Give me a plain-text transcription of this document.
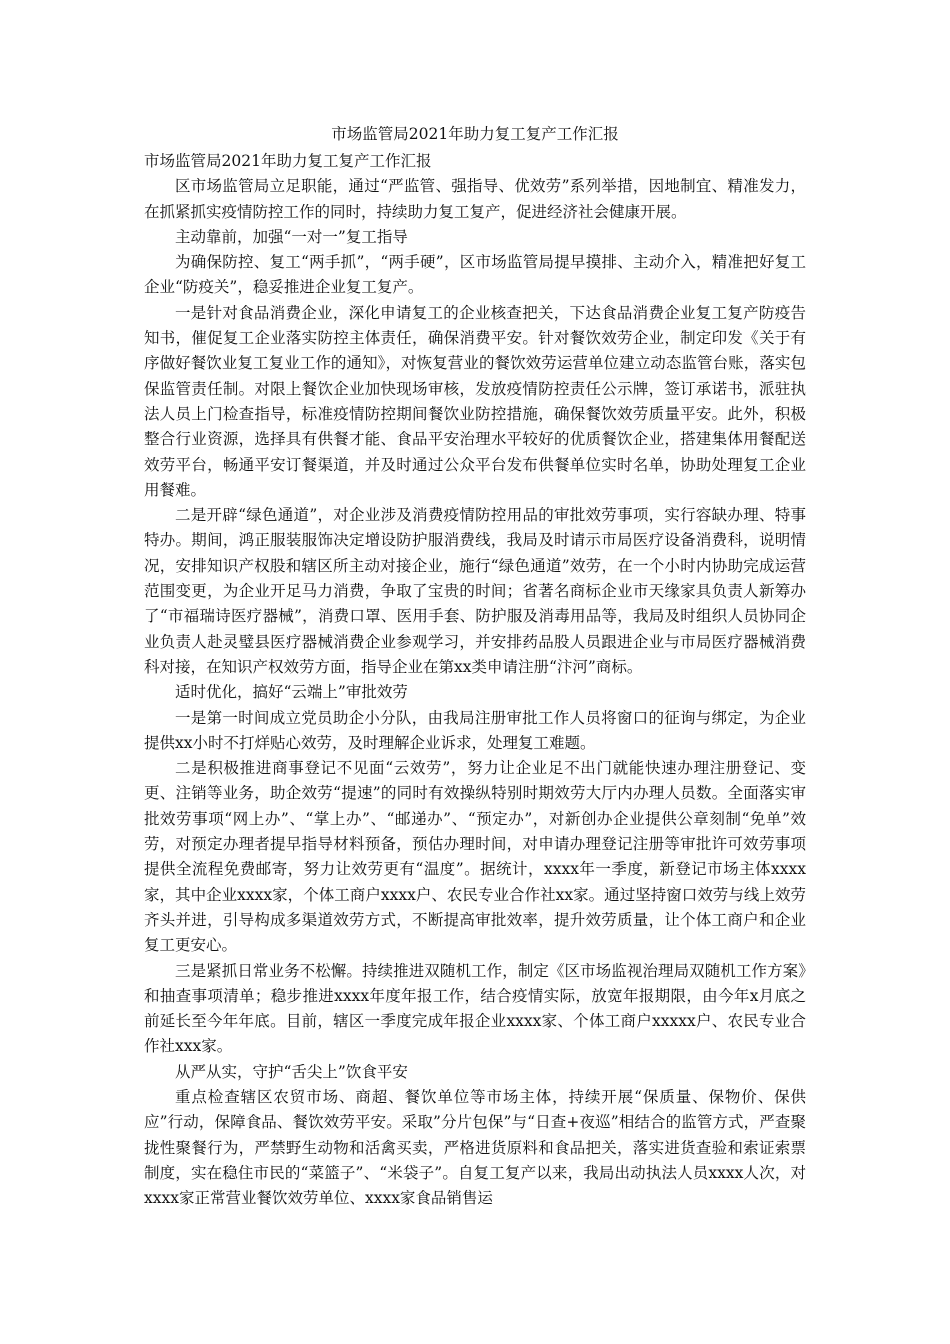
市场监管局2021年助力复工复产工作汇报

市场监管局2021年助力复工复产工作汇报

区市场监管局立足职能，通过“严监管、强指导、优效劳”系列举措，因地制宜、精准发力，在抓紧抓实疫情防控工作的同时，持续助力复工复产，促进经济社会健康开展。

主动靠前，加强“一对一”复工指导

为确保防控、复工“两手抓”，“两手硬”，区市场监管局提早摸排、主动介入，精准把好复工企业“防疫关”，稳妥推进企业复工复产。

一是针对食品消费企业，深化申请复工的企业核查把关，下达食品消费企业复工复产防疫告知书，催促复工企业落实防控主体责任，确保消费平安。针对餐饮效劳企业，制定印发《关于有序做好餐饮业复工复业工作的通知》，对恢复营业的餐饮效劳运营单位建立动态监管台账，落实包保监管责任制。对限上餐饮企业加快现场审核，发放疫情防控责任公示牌，签订承诺书，派驻执法人员上门检查指导，标准疫情防控期间餐饮业防控措施，确保餐饮效劳质量平安。此外，积极整合行业资源，选择具有供餐才能、食品平安治理水平较好的优质餐饮企业，搭建集体用餐配送效劳平台，畅通平安订餐渠道，并及时通过公众平台发布供餐单位实时名单，协助处理复工企业用餐难。

二是开辟“绿色通道”，对企业涉及消费疫情防控用品的审批效劳事项，实行容缺办理、特事特办。期间，鸿正服装服饰决定增设防护服消费线，我局及时请示市局医疗设备消费科，说明情况，安排知识产权股和辖区所主动对接企业，施行“绿色通道”效劳，在一个小时内协助完成运营范围变更，为企业开足马力消费，争取了宝贵的时间；省著名商标企业市天缘家具负责人新筹办了“市福瑞诗医疗器械”，消费口罩、医用手套、防护服及消毒用品等，我局及时组织人员协同企业负责人赴灵璧县医疗器械消费企业参观学习，并安排药品股人员跟进企业与市局医疗器械消费科对接，在知识产权效劳方面，指导企业在第xx类申请注册“汴河”商标。

适时优化，搞好“云端上”审批效劳

一是第一时间成立党员助企小分队，由我局注册审批工作人员将窗口的征询与绑定，为企业提供xx小时不打烊贴心效劳，及时理解企业诉求，处理复工难题。

二是积极推进商事登记不见面“云效劳”，努力让企业足不出门就能快速办理注册登记、变更、注销等业务，助企效劳“提速”的同时有效操纵特别时期效劳大厅内办理人员数。全面落实审批效劳事项“网上办”、“掌上办”、“邮递办”、“预定办”，对新创办企业提供公章刻制“免单”效劳，对预定办理者提早指导材料预备，预估办理时间，对申请办理登记注册等审批许可效劳事项提供全流程免费邮寄，努力让效劳更有“温度”。据统计，xxxx年一季度，新登记市场主体xxxx家，其中企业xxxx家，个体工商户xxxx户、农民专业合作社xx家。通过坚持窗口效劳与线上效劳齐头并进，引导构成多渠道效劳方式，不断提高审批效率，提升效劳质量，让个体工商户和企业复工更安心。

三是紧抓日常业务不松懈。持续推进双随机工作，制定《区市场监视治理局双随机工作方案》和抽查事项清单；稳步推进xxxx年度年报工作，结合疫情实际，放宽年报期限，由今年x月底之前延长至今年年底。目前，辖区一季度完成年报企业xxxx家、个体工商户xxxxx户、农民专业合作社xxx家。

从严从实，守护“舌尖上”饮食平安

重点检查辖区农贸市场、商超、餐饮单位等市场主体，持续开展“保质量、保物价、保供应”行动，保障食品、餐饮效劳平安。采取”分片包保”与“日查+夜巡”相结合的监管方式，严查聚拢性聚餐行为，严禁野生动物和活禽买卖，严格进货原料和食品把关，落实进货查验和索证索票制度，实在稳住市民的“菜篮子”、“米袋子”。自复工复产以来，我局出动执法人员xxxx人次，对xxxx家正常营业餐饮效劳单位、xxxx家食品销售运
